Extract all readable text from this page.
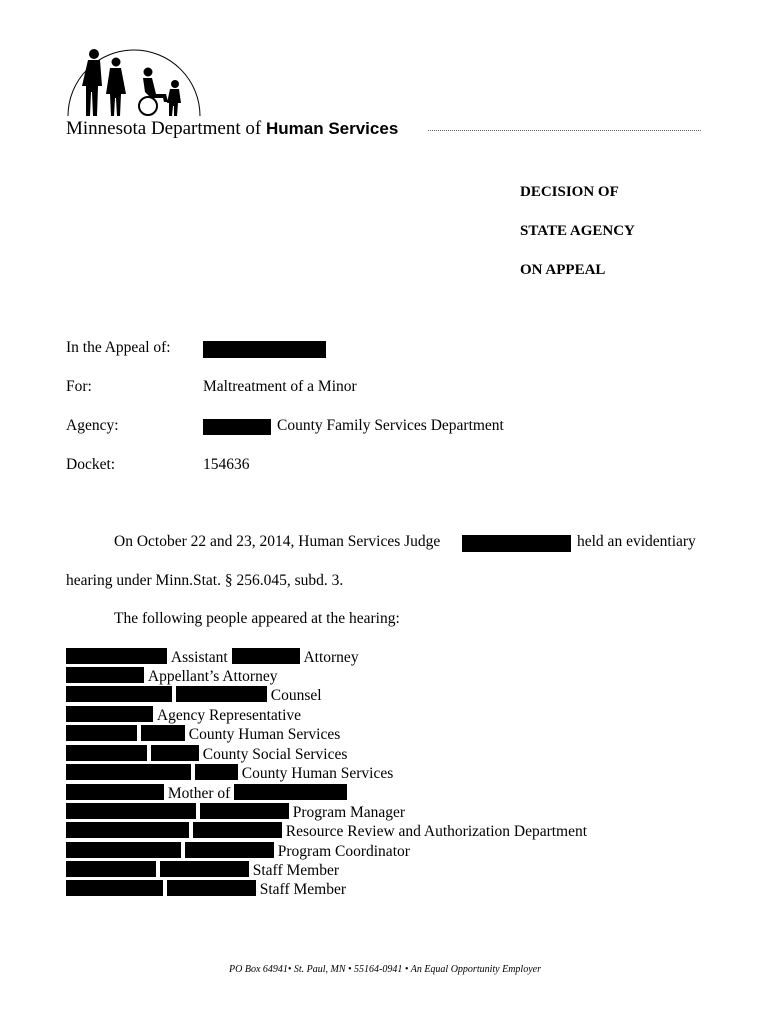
Minnesota Department of Human Services
DECISION OF
STATE AGENCY
ON APPEAL
In the Appeal of:
For:	Maltreatment of a Minor
Agency:	County Family Services Department
Docket:	154636
On October 22 and 23, 2014, Human Services Judge	held an evidentiary
hearing under Minn.Stat. § 256.045, subd. 3.
The following people appeared at the hearing:
Assistant	Attorney
Appellant’s Attorney
Counsel
Agency Representative
County Human Services
County Social Services
County Human Services
Mother of
Program Manager
Resource Review and Authorization Department
Program Coordinator
Staff Member
Staff Member
PO Box 64941• St. Paul, MN • 55164-0941 • An Equal Opportunity Employer
